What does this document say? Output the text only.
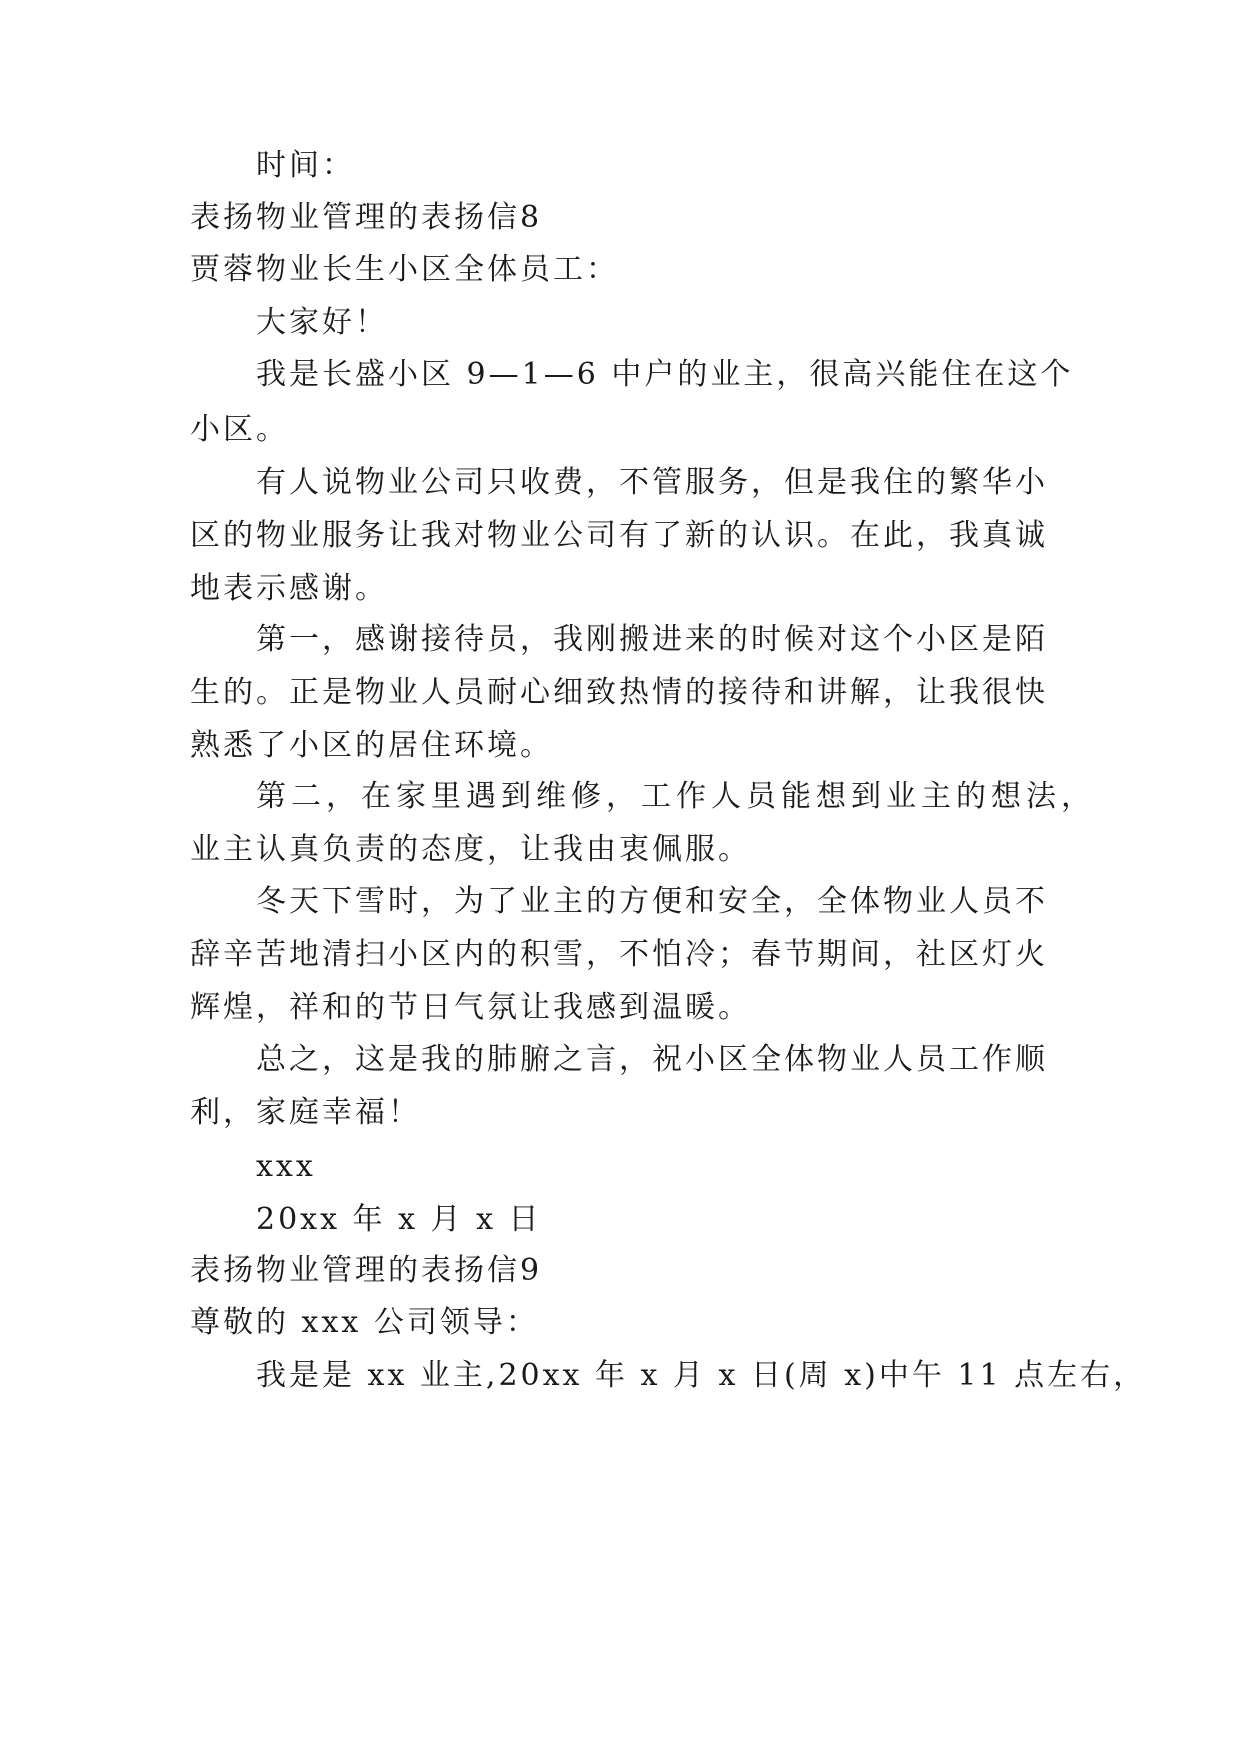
时间：
表扬物业管理的表扬信8
贾蓉物业长生小区全体员工：
大家好！
我是长盛小区 9—1—6 中户的业主，很高兴能住在这个
小区。
有人说物业公司只收费，不管服务，但是我住的繁华小
区的物业服务让我对物业公司有了新的认识。在此，我真诚
地表示感谢。
第一，感谢接待员，我刚搬进来的时候对这个小区是陌
生的。正是物业人员耐心细致热情的接待和讲解，让我很快
熟悉了小区的居住环境。
第二，在家里遇到维修，工作人员能想到业主的想法，
业主认真负责的态度，让我由衷佩服。
冬天下雪时，为了业主的方便和安全，全体物业人员不
辞辛苦地清扫小区内的积雪，不怕冷；春节期间，社区灯火
辉煌，祥和的节日气氛让我感到温暖。
总之，这是我的肺腑之言，祝小区全体物业人员工作顺
利，家庭幸福！
xxx
20xx 年 x 月 x 日
表扬物业管理的表扬信9
尊敬的 xxx 公司领导：
我是是 xx 业主,20xx 年 x 月 x 日(周 x)中午 11 点左右，
